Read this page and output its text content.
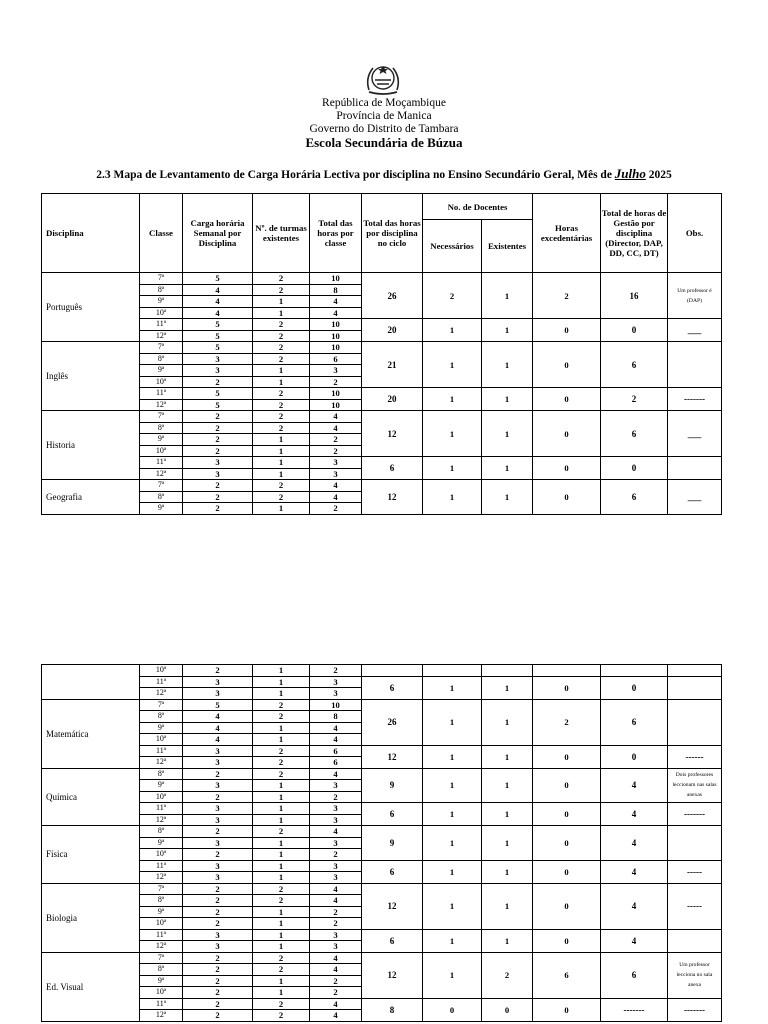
República de Moçambique
Província de Manica
Governo do Distrito de Tambara
Escola Secundária de Búzua
2.3 Mapa de Levantamento de Carga Horária Lectiva por disciplina no Ensino Secundário Geral, Mês de Julho 2025
Disciplina	Classe	Carga horária Semanal por Disciplina	Nº. de turmas existentes	Total das horas por classe	Total das horas por disciplina no ciclo	No. de Docentes		Horas excedentárias	Total de horas de Gestão por disciplina (Director, DAP, DD, CC, DT)	Obs.
						Necessários	Existentes			
Português	7ª	5	2	10	26	2	1	2	16	Um professor é (DAP)
	8ª	4	2	8						
	9ª	4	1	4						
	10ª	4	1	4						
	11ª	5	2	10	20	1	1	0	0	___
	12ª	5	2	10						
Inglês	7ª	5	2	10	21	1	1	0	6	
	8ª	3	2	6						
	9ª	3	1	3						
	10ª	2	1	2						
	11ª	5	2	10	20	1	1	0	2	-------
	12ª	5	2	10						
Historia	7ª	2	2	4	12	1	1	0	6	___
	8ª	2	2	4						
	9ª	2	1	2						
	10ª	2	1	2						
	11ª	3	1	3	6	1	1	0	0	
	12ª	3	1	3						
Geografia	7ª	2	2	4	12	1	1	0	6	___
	8ª	2	2	4						
	9ª	2	1	2						
	10ª	2	1	2						
	11ª	3	1	3	6	1	1	0	0	
	12ª	3	1	3						
Matemática	7ª	5	2	10	26	1	1	2	6	
	8ª	4	2	8						
	9ª	4	1	4						
	10ª	4	1	4						
	11ª	3	2	6	12	1	1	0	0	------
	12ª	3	2	6						
Química	8ª	2	2	4	9	1	1	0	4	Dois professores leccionam nas salas anexas
	9ª	3	1	3						
	10ª	2	1	2						
	11ª	3	1	3	6	1	1	0	4	-------
	12ª	3	1	3						
Física	8ª	2	2	4	9	1	1	0	4	
	9ª	3	1	3						
	10ª	2	1	2						
	11ª	3	1	3	6	1	1	0	4	-----
	12ª	3	1	3						
Biologia	7ª	2	2	4	12	1	1	0	4	-----
	8ª	2	2	4						
	9ª	2	1	2						
	10ª	2	1	2						
	11ª	3	1	3	6	1	1	0	4	
	12ª	3	1	3						
Ed. Visual	7ª	2	2	4	12	1	2	6	6	Um professor lecciona no sala anexa
	8ª	2	2	4						
	9ª	2	1	2						
	10ª	2	1	2						
	11ª	2	2	4	8	0	0	0	-------	-------
	12ª	2	2	4						
